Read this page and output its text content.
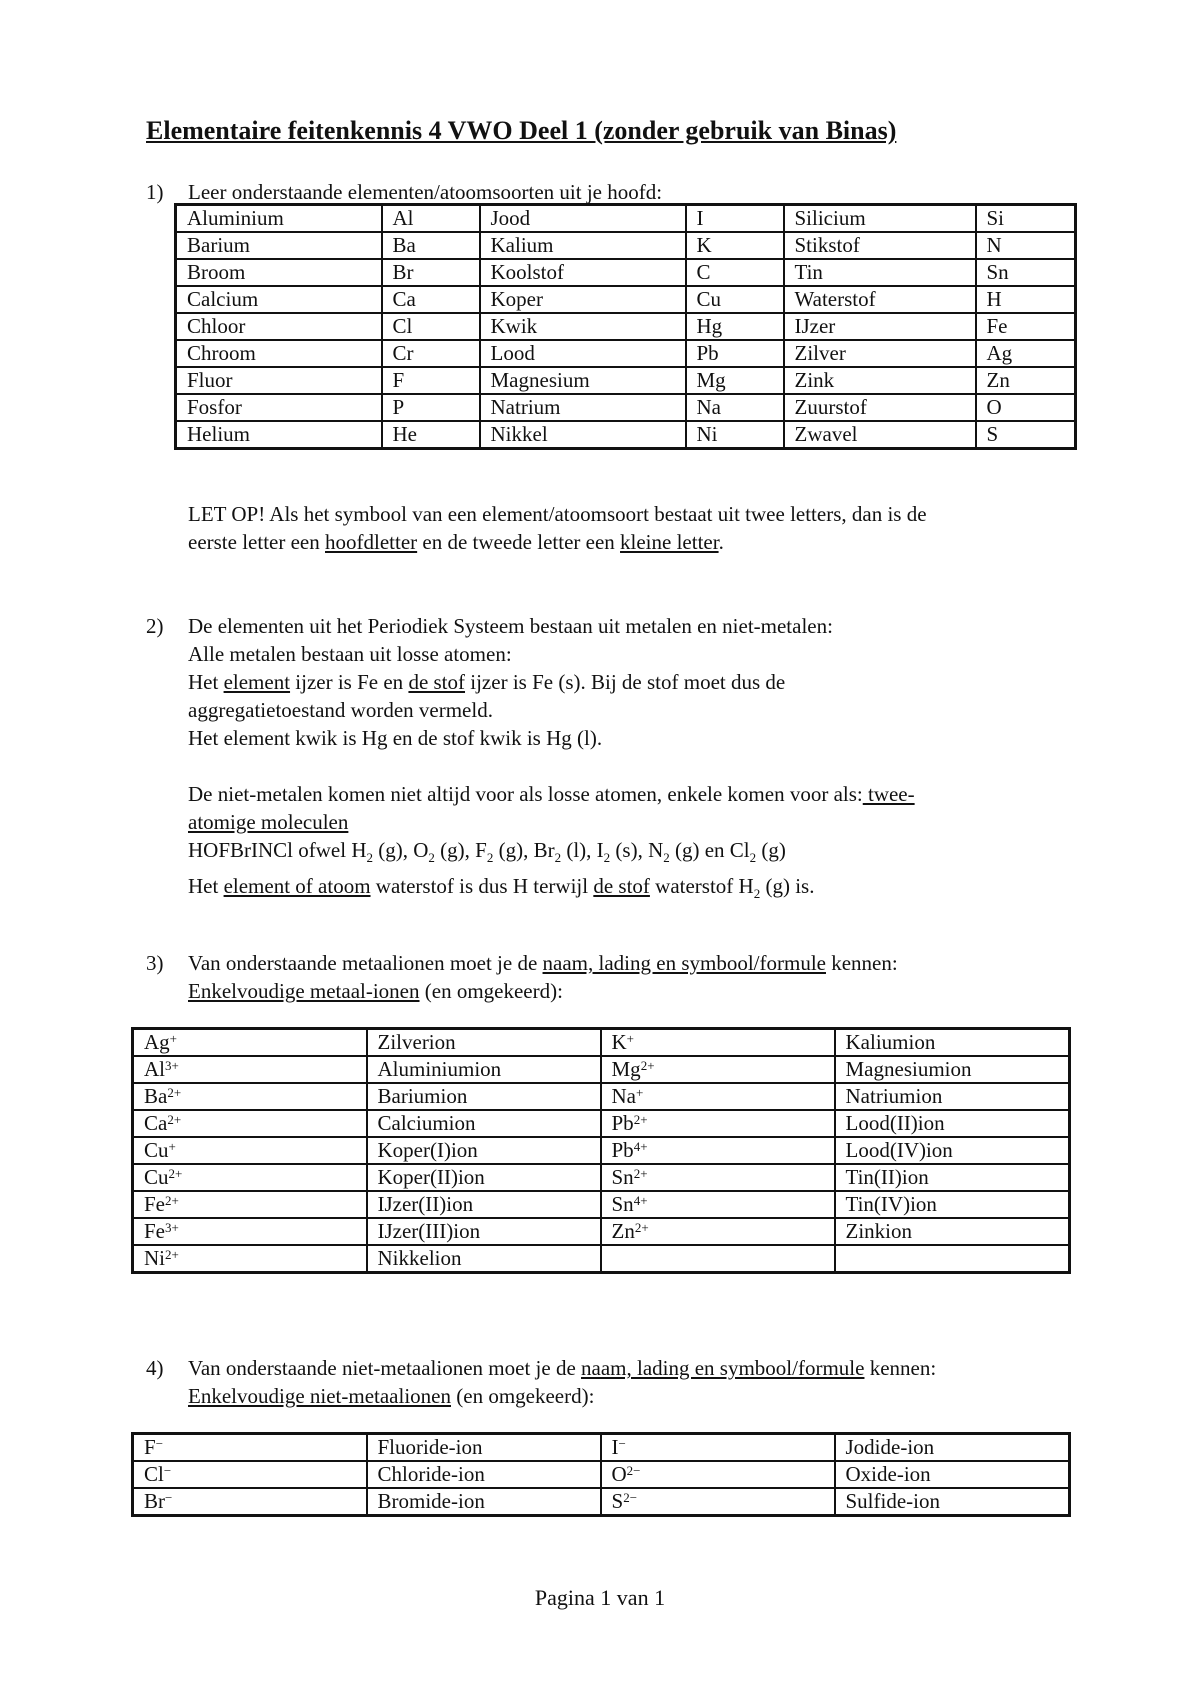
Elementaire feitenkennis 4 VWO Deel 1 (zonder gebruik van Binas)
1)	Leer onderstaande elementen/atoomsoorten uit je hoofd:
Aluminium	Al	Jood	I	Silicium	Si
Barium	Ba	Kalium	K	Stikstof	N
Broom	Br	Koolstof	C	Tin	Sn
Calcium	Ca	Koper	Cu	Waterstof	H
Chloor	Cl	Kwik	Hg	IJzer	Fe
Chroom	Cr	Lood	Pb	Zilver	Ag
Fluor	F	Magnesium	Mg	Zink	Zn
Fosfor	P	Natrium	Na	Zuurstof	O
Helium	He	Nikkel	Ni	Zwavel	S

LET OP! Als het symbool van een element/atoomsoort bestaat uit twee letters, dan is de

eerste letter een hoofdletter en de tweede letter een kleine letter.

2)	De elementen uit het Periodiek Systeem bestaan uit metalen en niet-metalen:

Alle metalen bestaan uit losse atomen:

Het element ijzer is Fe en de stof ijzer is Fe (s). Bij de stof moet dus de

aggregatietoestand worden vermeld.

Het element kwik is Hg en de stof kwik is Hg (l).

De niet-metalen komen niet altijd voor als losse atomen, enkele komen voor als: twee-

atomige moleculen

HOFBrINCl ofwel $H_2$ (g), $O_2$ (g), $F_2$ (g), $Br_2$ (l), $I_2$ (s), $N_2$ (g) en $Cl_2$ (g)

Het element of atoom waterstof is dus H terwijl de stof waterstof $H_2$ (g) is.

3)	Van onderstaande metaalionen moet je de naam, lading en symbool/formule kennen:

Enkelvoudige metaal-ionen (en omgekeerd):

Ag+	Zilverion	K+	Kaliumion
$Al^{3+}$	Aluminiumion	$Mg^{2+}$	Magnesiumion
$Ba^{2+}$	Bariumion	Na+	Natriumion
$Ca^{2+}$	Calciumion	$Pb^{2+}$	Lood(II)ion
Cu+	Koper(I)ion	$Pb^{4+}$	Lood(IV)ion
$Cu^{2+}$	Koper(II)ion	$Sn^{2+}$	Tin(II)ion
$Fe^{2+}$	IJzer(II)ion	$Sn^{4+}$	Tin(IV)ion
$Fe^{3+}$	IJzer(III)ion	$Zn^{2+}$	Zinkion
$Ni^{2+}$	Nikkelion		
4)	Van onderstaande niet-metaalionen moet je de naam, lading en symbool/formule kennen:

Enkelvoudige niet-metaalionen (en omgekeerd):

F−	Fluoride-ion	I−	Jodide-ion
Cl−	Chloride-ion	$O^{2-}$	Oxide-ion
Br−	Bromide-ion	$S^{2-}$	Sulfide-ion
Pagina 1 van 1
